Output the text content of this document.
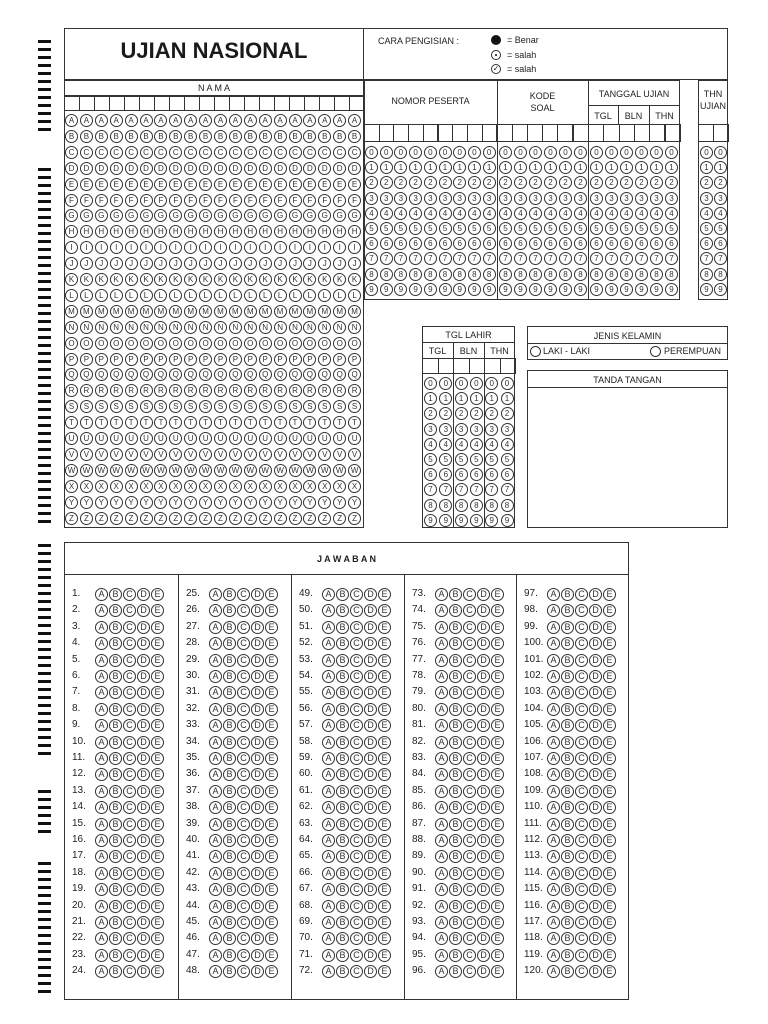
UJIAN NASIONAL	CARA PENGISIAN :	= Benar
= salah
✓ = salah
N A M A
A	A	A	A	A	A	A	A	A	A	A	A	A	A	A	A	A	A	A	A
B	B	B	B	B	B	B	B	B	B	B	B	B	B	B	B	B	B	B	B
C	C	C	C	C	C	C	C	C	C	C	C	C	C	C	C	C	C	C	C
D	D	D	D	D	D	D	D	D	D	D	D	D	D	D	D	D	D	D	D
E	E	E	E	E	E	E	E	E	E	E	E	E	E	E	E	E	E	E	E
F	F	F	F	F	F	F	F	F	F	F	F	F	F	F	F	F	F	F	F
G	G	G	G	G	G	G	G	G	G	G	G	G	G	G	G	G	G	G	G
H	H	H	H	H	H	H	H	H	H	H	H	H	H	H	H	H	H	H	H
I	I	I	I	I	I	I	I	I	I	I	I	I	I	I	I	I	I	I	I
J	J	J	J	J	J	J	J	J	J	J	J	J	J	J	J	J	J	J	J
K	K	K	K	K	K	K	K	K	K	K	K	K	K	K	K	K	K	K	K
L	L	L	L	L	L	L	L	L	L	L	L	L	L	L	L	L	L	L	L
M	M	M	M	M	M	M	M	M	M	M	M	M	M	M	M	M	M	M	M
N	N	N	N	N	N	N	N	N	N	N	N	N	N	N	N	N	N	N	N
O	O	O	O	O	O	O	O	O	O	O	O	O	O	O	O	O	O	O	O
P	P	P	P	P	P	P	P	P	P	P	P	P	P	P	P	P	P	P	P
Q	Q	Q	Q	Q	Q	Q	Q	Q	Q	Q	Q	Q	Q	Q	Q	Q	Q	Q	Q
R	R	R	R	R	R	R	R	R	R	R	R	R	R	R	R	R	R	R	R
S	S	S	S	S	S	S	S	S	S	S	S	S	S	S	S	S	S	S	S
T	T	T	T	T	T	T	T	T	T	T	T	T	T	T	T	T	T	T	T
U	U	U	U	U	U	U	U	U	U	U	U	U	U	U	U	U	U	U	U
V	V	V	V	V	V	V	V	V	V	V	V	V	V	V	V	V	V	V	V
W W W W W W W W W W W W W W W W W W W W
X	X	X	X	X	X	X	X	X	X	X	X	X	X	X	X	X	X	X	X
Y	Y	Y	Y	Y	Y	Y	Y	Y	Y	Y	Y	Y	Y	Y	Y	Y	Y	Y	Y
Z	Z	Z	Z	Z	Z	Z	Z	Z	Z	Z	Z	Z	Z	Z	Z	Z	Z	Z	Z
NOMOR PESERTA	KODE
SOAL
TANGGAL UJIAN
TGL	BLN	THN
0	0	0	0	0	0	0	0	0
1	1	1	1	1	1	1	1	1
2	2	2	2	2	2	2	2	2
3	3	3	3	3	3	3	3	3
4	4	4	4	4	4	4	4	4
5	5	5	5	5	5	5	5	5
6	6	6	6	6	6	6	6	6
7	7	7	7	7	7	7	7	7
8	8	8	8	8	8	8	8	8
9	9	9	9	9	9	9	9	9
0	0	0	0	0	0
1	1	1	1	1	1
2	2	2	2	2	2
3	3	3	3	3	3
4	4	4	4	4	4
5	5	5	5	5	5
6	6	6	6	6	6
7	7	7	7	7	7
8	8	8	8	8	8
9	9	9	9	9	9
0	0	0	0	0	0
1	1	1	1	1	1
2	2	2	2	2	2
3	3	3	3	3	3
4	4	4	4	4	4
5	5	5	5	5	5
6	6	6	6	6	6
7	7	7	7	7	7
8	8	8	8	8	8
9	9	9	9	9	9
THN
UJIAN
0	0
1	1
2	2
3	3
4	4
5	5
6	6
7	7
8	8
9	9
TGL LAHIR
TGL	BLN	THN
0	0	0	0	0	0
1	1	1	1	1	1
2	2	2	2	2	2
3	3	3	3	3	3
4	4	4	4	4	4
5	5	5	5	5	5
6	6	6	6	6	6
7	7	7	7	7	7
8	8	8	8	8	8
9	9	9	9	9	9
JENIS KELAMIN
LAKI - LAKI	PEREMPUAN
TANDA TANGAN
J A W A B A N
1.	A B C D E
2.	A B C D E
3.	A B C D E
4.	A B C D E
5.	A B C D E
6.	A B C D E
7.	A B C D E
8.	A B C D E
9.	A B C D E
10.	A B C D E
11.	A B C D E
12.	A B C D E
13.	A B C D E
14.	A B C D E
15.	A B C D E
16.	A B C D E
17.	A B C D E
18.	A B C D E
19.	A B C D E
20.	A B C D E
21.	A B C D E
22.	A B C D E
23.	A B C D E
24.	A B C D E
25.	A B C D E
26.	A B C D E
27.	A B C D E
28.	A B C D E
29.	A B C D E
30.	A B C D E
31.	A B C D E
32.	A B C D E
33.	A B C D E
34.	A B C D E
35.	A B C D E
36.	A B C D E
37.	A B C D E
38.	A B C D E
39.	A B C D E
40.	A B C D E
41.	A B C D E
42.	A B C D E
43.	A B C D E
44.	A B C D E
45.	A B C D E
46.	A B C D E
47.	A B C D E
48.	A B C D E
49.	A B C D E
50.	A B C D E
51.	A B C D E
52.	A B C D E
53.	A B C D E
54.	A B C D E
55.	A B C D E
56.	A B C D E
57.	A B C D E
58.	A B C D E
59.	A B C D E
60.	A B C D E
61.	A B C D E
62.	A B C D E
63.	A B C D E
64.	A B C D E
65.	A B C D E
66.	A B C D E
67.	A B C D E
68.	A B C D E
69.	A B C D E
70.	A B C D E
71.	A B C D E
72.	A B C D E
73.	A B C D E
74.	A B C D E
75.	A B C D E
76.	A B C D E
77.	A B C D E
78.	A B C D E
79.	A B C D E
80.	A B C D E
81.	A B C D E
82.	A B C D E
83.	A B C D E
84.	A B C D E
85.	A B C D E
86.	A B C D E
87.	A B C D E
88.	A B C D E
89.	A B C D E
90.	A B C D E
91.	A B C D E
92.	A B C D E
93.	A B C D E
94.	A B C D E
95.	A B C D E
96.	A B C D E
97.	A B C D E
98.	A B C D E
99.	A B C D E
100. A B C D E
101. A B C D E
102. A B C D E
103. A B C D E
104. A B C D E
105. A B C D E
106. A B C D E
107. A B C D E
108. A B C D E
109. A B C D E
110. A B C D E
111. A B C D E
112. A B C D E
113. A B C D E
114. A B C D E
115. A B C D E
116. A B C D E
117. A B C D E
118. A B C D E
119. A B C D E
120. A B C D E
